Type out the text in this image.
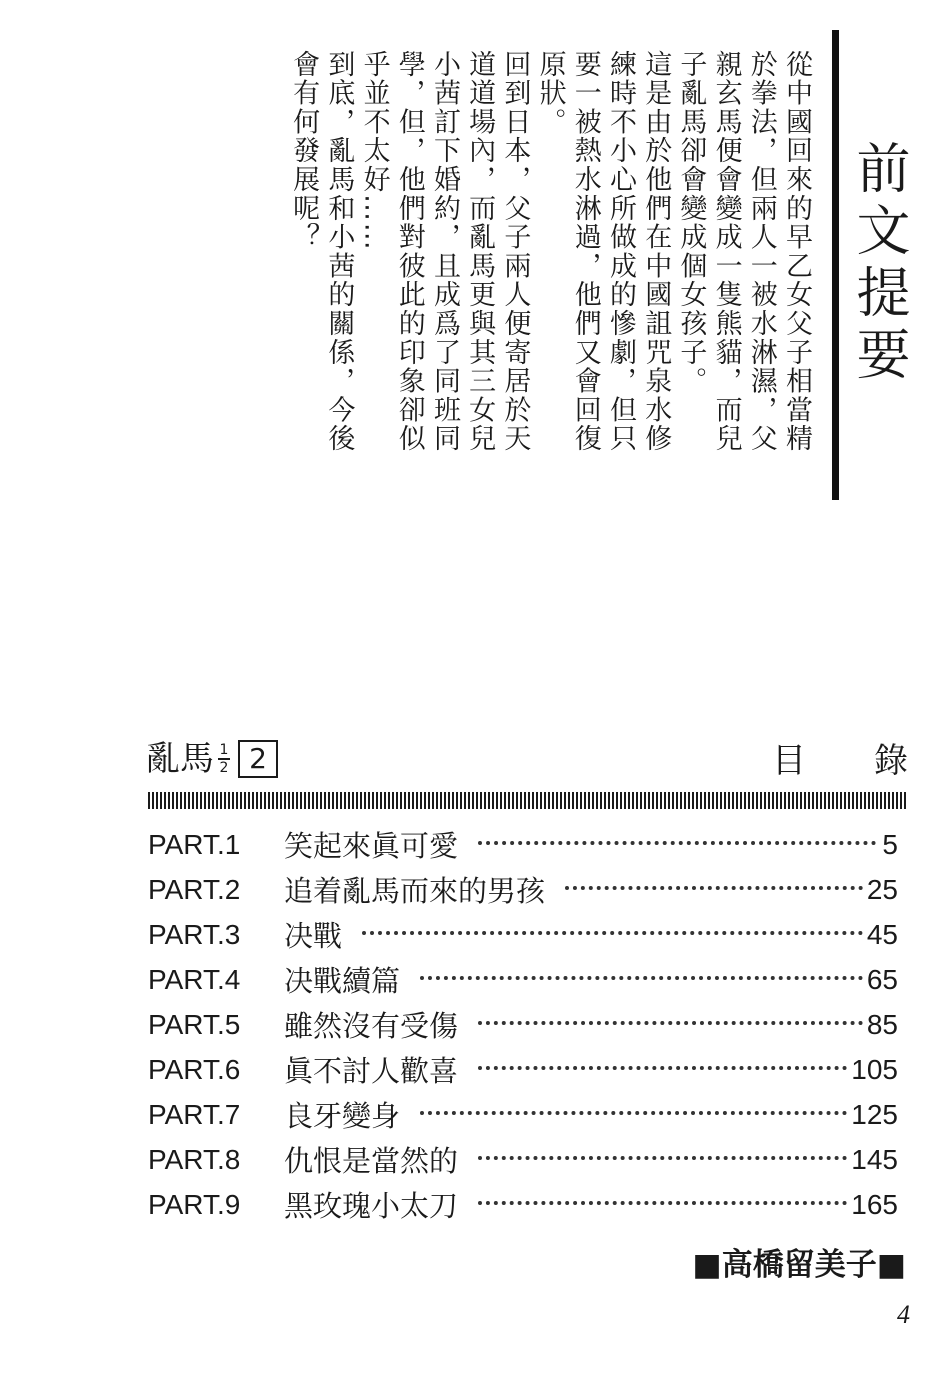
前文提要

從中國回來的早乙女父子相當精於拳法，但兩人一被水淋濕，父親玄馬便會變成一隻熊貓，而兒子亂馬卻會變成個女孩子。

這是由於他們在中國詛咒泉水修練時不小心所做成的慘劇，但只要一被熱水淋過，他們又會回復原狀。

回到日本，父子兩人便寄居於天道道場內，而亂馬更與其三女兒小茜訂下婚約，且成爲了同班同學，但，他們對彼此的印象卻似乎並不太好……

到底，亂馬和小茜的關係，今後會有何發展呢？

亂馬 $\frac{1}{2} 2$	目 錄
PART.1	笑起來眞可愛	5
PART.2	追着亂馬而來的男孩	25
PART.3	决戰	45
PART.4	决戰續篇	65
PART.5	雖然沒有受傷	85
PART.6	眞不討人歡喜	105
PART.7	良牙變身	125
PART.8	仇恨是當然的	145
PART.9	黑玫瑰小太刀	165
■高橋留美子■
4
